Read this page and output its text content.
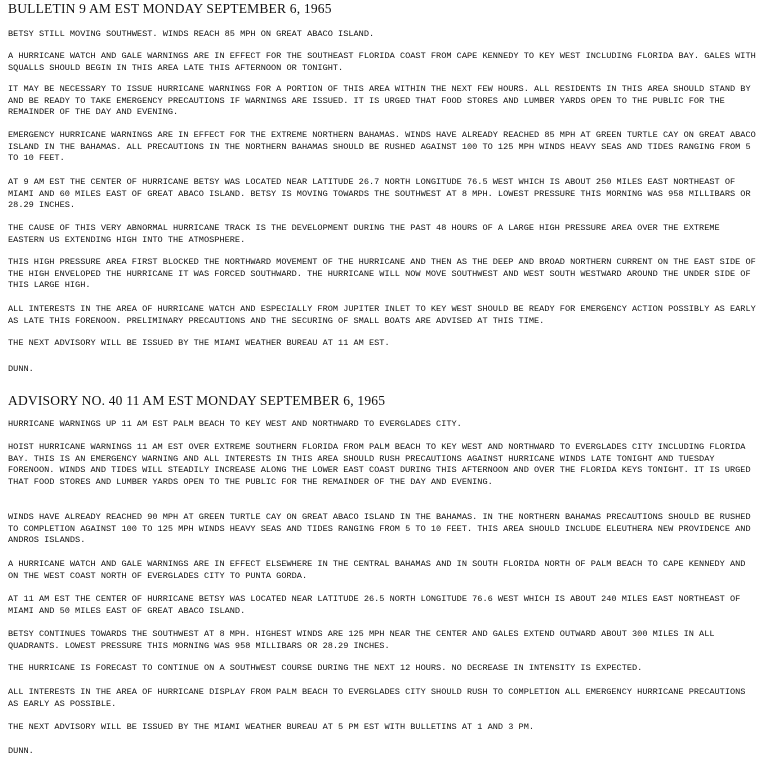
BULLETIN 9 AM EST MONDAY SEPTEMBER 6, 1965

BETSY STILL MOVING SOUTHWEST. WINDS REACH 85 MPH ON GREAT ABACO ISLAND.

A HURRICANE WATCH AND GALE WARNINGS ARE IN EFFECT FOR THE SOUTHEAST FLORIDA COAST FROM CAPE KENNEDY TO KEY WEST INCLUDING FLORIDA BAY. GALES WITH SQUALLS SHOULD BEGIN IN THIS AREA LATE THIS AFTERNOON OR TONIGHT.

IT MAY BE NECESSARY TO ISSUE HURRICANE WARNINGS FOR A PORTION OF THIS AREA WITHIN THE NEXT FEW HOURS. ALL RESIDENTS IN THIS AREA SHOULD STAND BY AND BE READY TO TAKE EMERGENCY PRECAUTIONS IF WARNINGS ARE ISSUED. IT IS URGED THAT FOOD STORES AND LUMBER YARDS OPEN TO THE PUBLIC FOR THE REMAINDER OF THE DAY AND EVENING.

EMERGENCY HURRICANE WARNINGS ARE IN EFFECT FOR THE EXTREME NORTHERN BAHAMAS. WINDS HAVE ALREADY REACHED 85 MPH AT GREEN TURTLE CAY ON GREAT ABACO ISLAND IN THE BAHAMAS. ALL PRECAUTIONS IN THE NORTHERN BAHAMAS SHOULD BE RUSHED AGAINST 100 TO 125 MPH WINDS HEAVY SEAS AND TIDES RANGING FROM 5 TO 10 FEET.

AT 9 AM EST THE CENTER OF HURRICANE BETSY WAS LOCATED NEAR LATITUDE 26.7 NORTH LONGITUDE 76.5 WEST WHICH IS ABOUT 250 MILES EAST NORTHEAST OF MIAMI AND 60 MILES EAST OF GREAT ABACO ISLAND. BETSY IS MOVING TOWARDS THE SOUTHWEST AT 8 MPH. LOWEST PRESSURE THIS MORNING WAS 958 MILLIBARS OR 28.29 INCHES.

THE CAUSE OF THIS VERY ABNORMAL HURRICANE TRACK IS THE DEVELOPMENT DURING THE PAST 48 HOURS OF A LARGE HIGH PRESSURE AREA OVER THE EXTREME EASTERN US EXTENDING HIGH INTO THE ATMOSPHERE.

THIS HIGH PRESSURE AREA FIRST BLOCKED THE NORTHWARD MOVEMENT OF THE HURRICANE AND THEN AS THE DEEP AND BROAD NORTHERN CURRENT ON THE EAST SIDE OF THE HIGH ENVELOPED THE HURRICANE IT WAS FORCED SOUTHWARD. THE HURRICANE WILL NOW MOVE SOUTHWEST AND WEST SOUTH WESTWARD AROUND THE UNDER SIDE OF THIS LARGE HIGH.

ALL INTERESTS IN THE AREA OF HURRICANE WATCH AND ESPECIALLY FROM JUPITER INLET TO KEY WEST SHOULD BE READY FOR EMERGENCY ACTION POSSIBLY AS EARLY AS LATE THIS FORENOON. PRELIMINARY PRECAUTIONS AND THE SECURING OF SMALL BOATS ARE ADVISED AT THIS TIME.

THE NEXT ADVISORY WILL BE ISSUED BY THE MIAMI WEATHER BUREAU AT 11 AM EST.

DUNN.

ADVISORY NO. 40 11 AM EST MONDAY SEPTEMBER 6, 1965

HURRICANE WARNINGS UP 11 AM EST PALM BEACH TO KEY WEST AND NORTHWARD TO EVERGLADES CITY.

HOIST HURRICANE WARNINGS 11 AM EST OVER EXTREME SOUTHERN FLORIDA FROM PALM BEACH TO KEY WEST AND NORTHWARD TO EVERGLADES CITY INCLUDING FLORIDA BAY. THIS IS AN EMERGENCY WARNING AND ALL INTERESTS IN THIS AREA SHOULD RUSH PRECAUTIONS AGAINST HURRICANE WINDS LATE TONIGHT AND TUESDAY FORENOON. WINDS AND TIDES WILL STEADILY INCREASE ALONG THE LOWER EAST COAST DURING THIS AFTERNOON AND OVER THE FLORIDA KEYS TONIGHT. IT IS URGED THAT FOOD STORES AND LUMBER YARDS OPEN TO THE PUBLIC FOR THE REMAINDER OF THE DAY AND EVENING.

WINDS HAVE ALREADY REACHED 90 MPH AT GREEN TURTLE CAY ON GREAT ABACO ISLAND IN THE BAHAMAS. IN THE NORTHERN BAHAMAS PRECAUTIONS SHOULD BE RUSHED TO COMPLETION AGAINST 100 TO 125 MPH WINDS HEAVY SEAS AND TIDES RANGING FROM 5 TO 10 FEET. THIS AREA SHOULD INCLUDE ELEUTHERA NEW PROVIDENCE AND ANDROS ISLANDS.

A HURRICANE WATCH AND GALE WARNINGS ARE IN EFFECT ELSEWHERE IN THE CENTRAL BAHAMAS AND IN SOUTH FLORIDA NORTH OF PALM BEACH TO CAPE KENNEDY AND ON THE WEST COAST NORTH OF EVERGLADES CITY TO PUNTA GORDA.

AT 11 AM EST THE CENTER OF HURRICANE BETSY WAS LOCATED NEAR LATITUDE 26.5 NORTH LONGITUDE 76.6 WEST WHICH IS ABOUT 240 MILES EAST NORTHEAST OF MIAMI AND 50 MILES EAST OF GREAT ABACO ISLAND.

BETSY CONTINUES TOWARDS THE SOUTHWEST AT 8 MPH. HIGHEST WINDS ARE 125 MPH NEAR THE CENTER AND GALES EXTEND OUTWARD ABOUT 300 MILES IN ALL QUADRANTS. LOWEST PRESSURE THIS MORNING WAS 958 MILLIBARS OR 28.29 INCHES.

THE HURRICANE IS FORECAST TO CONTINUE ON A SOUTHWEST COURSE DURING THE NEXT 12 HOURS. NO DECREASE IN INTENSITY IS EXPECTED.

ALL INTERESTS IN THE AREA OF HURRICANE DISPLAY FROM PALM BEACH TO EVERGLADES CITY SHOULD RUSH TO COMPLETION ALL EMERGENCY HURRICANE PRECAUTIONS AS EARLY AS POSSIBLE.

THE NEXT ADVISORY WILL BE ISSUED BY THE MIAMI WEATHER BUREAU AT 5 PM EST WITH BULLETINS AT 1 AND 3 PM.

DUNN.
